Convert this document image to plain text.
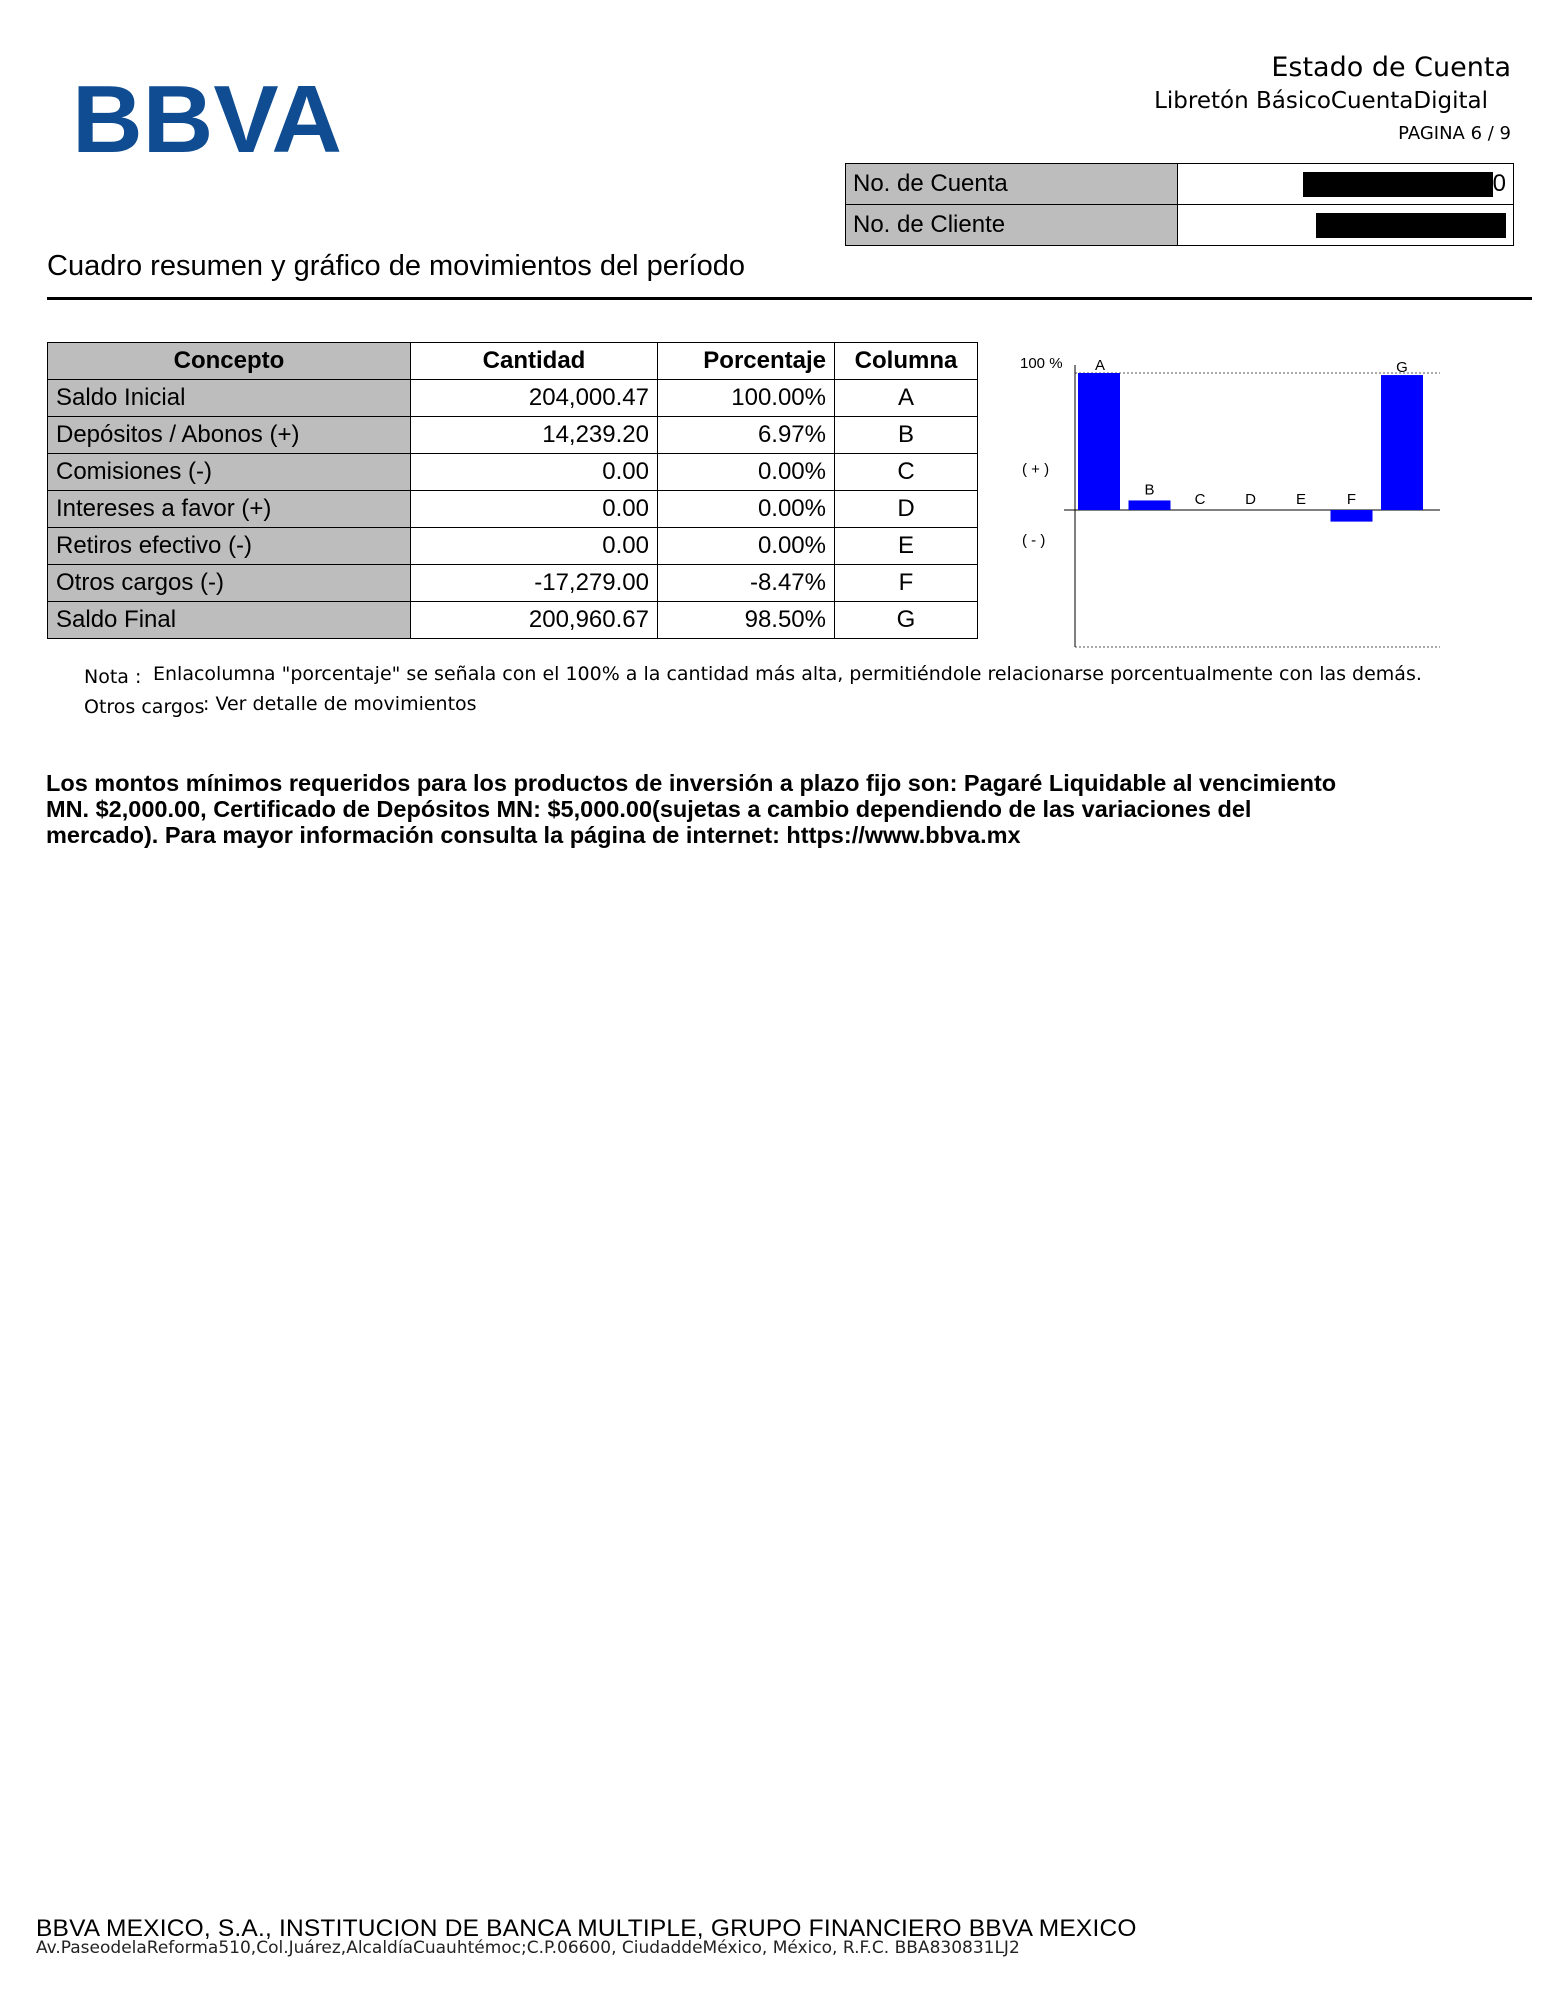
BBVA	Estado de Cuenta
Libretón BásicoCuentaDigital
PAGINA 6 / 9
No. de Cuenta	0
No. de Cliente	
Cuadro resumen y gráfico de movimientos del período
Concepto	Cantidad	Porcentaje	Columna
Saldo Inicial	204,000.47	100.00%	A
Depósitos / Abonos (+)	14,239.20	6.97%	B
Comisiones (-)	0.00	0.00%	C
Intereses a favor (+)	0.00	0.00%	D
Retiros efectivo (-)	0.00	0.00%	E
Otros cargos (-)	-17,279.00	-8.47%	F
Saldo Final	200,960.67	98.50%	G
100 %
( + )
( - )
A
B
C	D	E	F
G
Nota : Enlacolumna "porcentaje" se señala con el 100% a la cantidad más alta, permitiéndole relacionarse porcentualmente con las demás.
Otros cargos
: Ver detalle de movimientos
Los montos mínimos requeridos para los productos de inversión a plazo fijo son: Pagaré Liquidable al vencimiento MN. $2,000.00, Certificado de Depósitos MN: $5,000.00(sujetas a cambio dependiendo de las variaciones del mercado). Para mayor información consulta la página de internet: https://www.bbva.mx
BBVA MEXICO, S.A., INSTITUCION DE BANCA MULTIPLE, GRUPO FINANCIERO BBVA MEXICO
Av.PaseodelaReforma510,Col.Juárez,AlcaldíaCuauhtémoc;C.P.06600, CiudaddeMéxico, México, R.F.C. BBA830831LJ2
